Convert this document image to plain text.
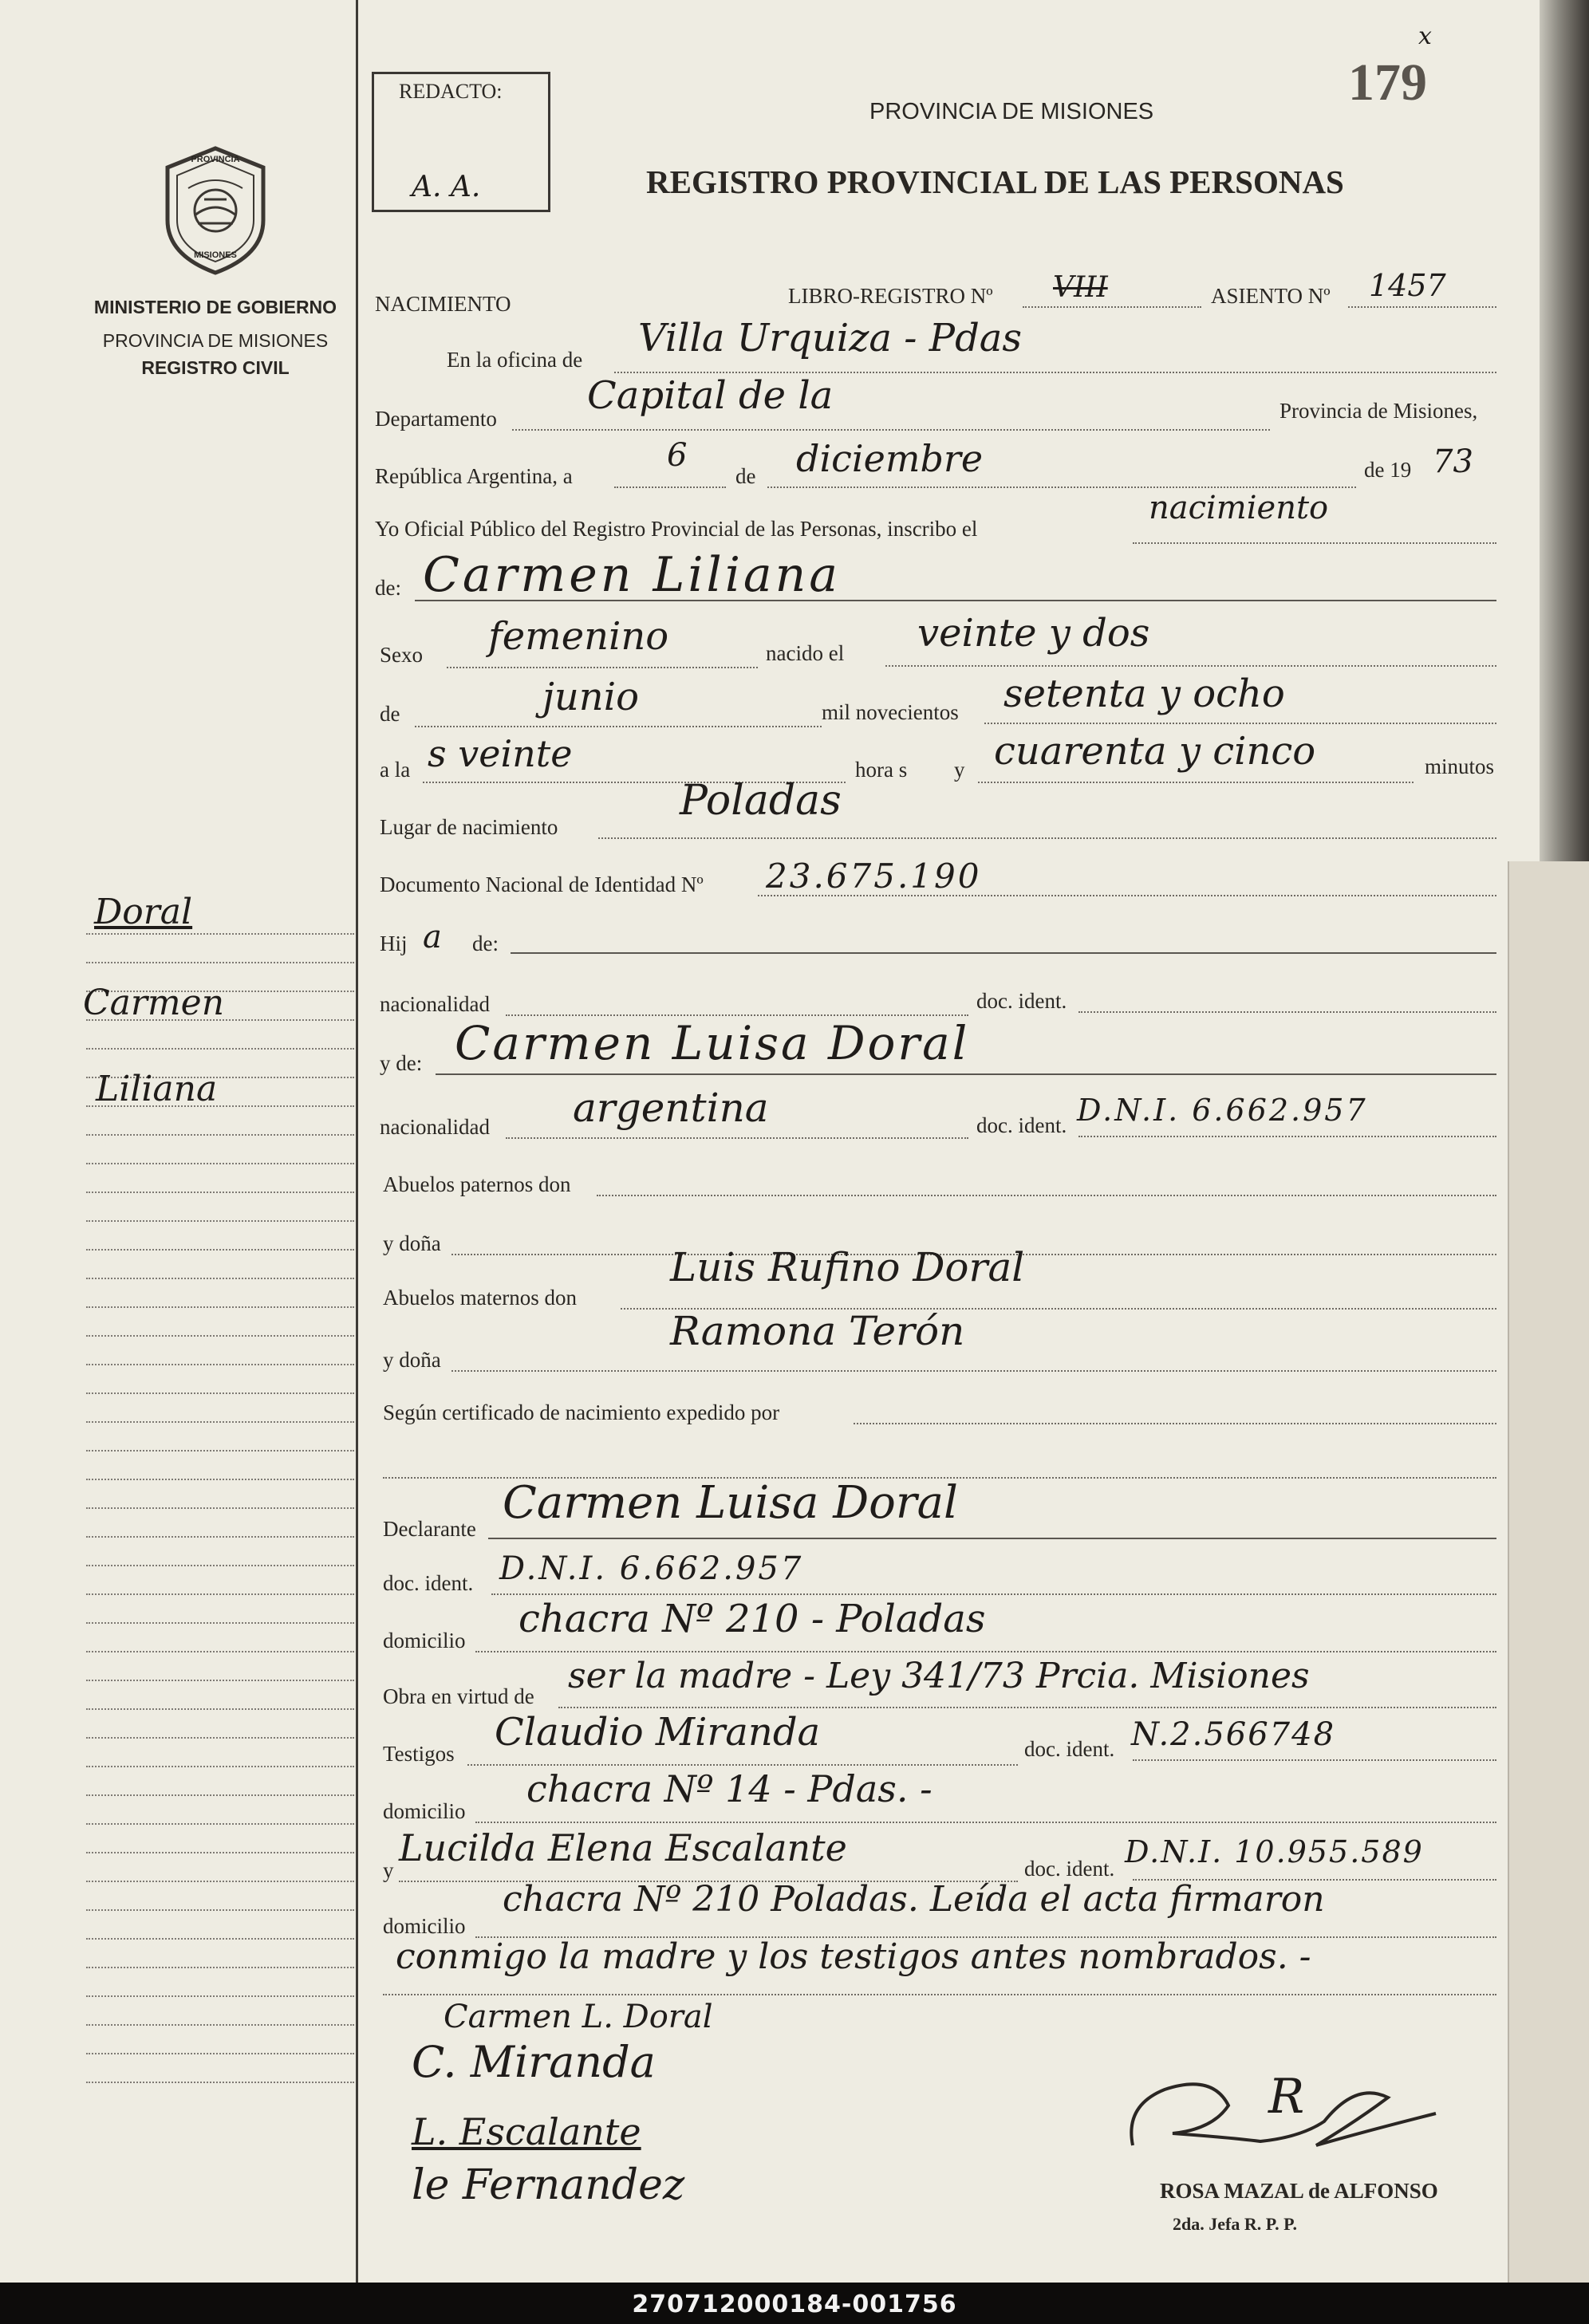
PROVINCIA
MISIONES
MINISTERIO DE GOBIERNO
PROVINCIA DE MISIONES
REGISTRO CIVIL
Doral
Carmen
Liliana
REDACTO:
A. A.
x
179
PROVINCIA DE MISIONES
REGISTRO PROVINCIAL DE LAS PERSONAS
NACIMIENTO	LIBRO-REGISTRO Nº VIII	ASIENTO Nº 1457
En la oficina de Villa Urquiza - Pdas
Departamento
Capital de la	Provincia de Misiones,
República Argentina, a
6
de diciembre	de 19 73
Yo Oficial Público del Registro Provincial de las Personas, inscribo el
nacimiento
de: Carmen Liliana
Sexo femenino	nacido el veinte y dos
de	junio	mil novecientos setenta y ocho
a la s veinte	hora s y cuarenta y cinco	minutos
Lugar de nacimiento
Poladas
Documento Nacional de Identidad Nº 23.675.190
Hij a de:
nacionalidad	doc. ident.
y de: Carmen Luisa Doral
nacionalidad argentina	doc. ident. D.N.I. 6.662.957
Abuelos paternos don
y doña
Abuelos maternos don
Luis Rufino Doral
y doña
Ramona Terón
Según certificado de nacimiento expedido por
Declarante Carmen Luisa Doral
doc. ident. D.N.I. 6.662.957
domicilio chacra Nº 210 - Poladas
Obra en virtud de ser la madre - Ley 341/73 Prcia. Misiones
Testigos Claudio Miranda	doc. ident. N.2.566748
domicilio
chacra Nº 14 - Pdas. -
y
Lucilda Elena Escalante	doc. ident. D.N.I. 10.955.589
domicilio
chacra Nº 210 Poladas. Leída el acta firmaron
conmigo la madre y los testigos antes nombrados. -
Carmen L. Doral
C. Miranda
L. Escalante
le Fernandez
R
ROSA MAZAL de ALFONSO
2da. Jefa R. P. P.
270712000184-001756
